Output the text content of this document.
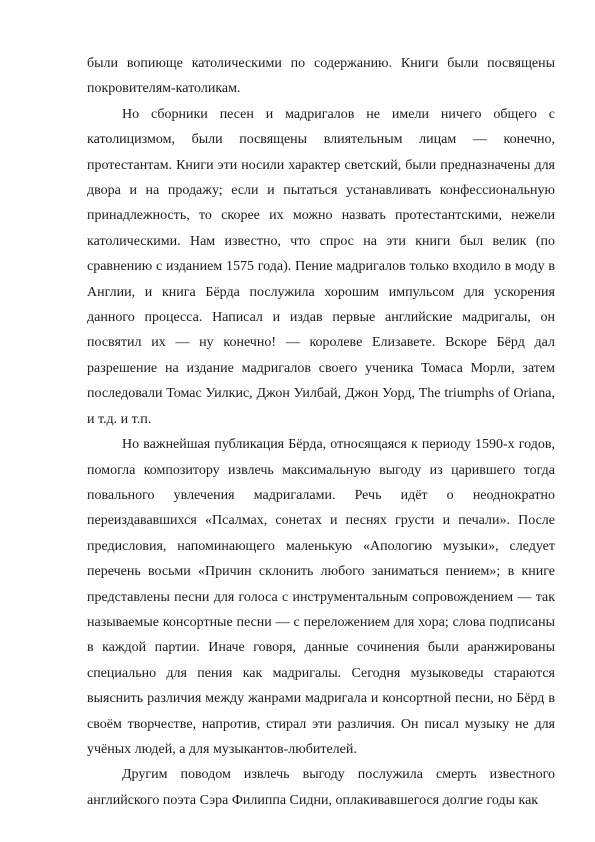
были вопиюще католическими по содержанию. Книги были посвящены покровителям-католикам.

Но сборники песен и мадригалов не имели ничего общего с католицизмом, были посвящены влиятельным лицам — конечно, протестантам. Книги эти носили характер светский, были предназначены для двора и на продажу; если и пытаться устанавливать конфессиональную принадлежность, то скорее их можно назвать протестантскими, нежели католическими. Нам известно, что спрос на эти книги был велик (по сравнению с изданием 1575 года). Пение мадригалов только входило в моду в Англии, и книга Бёрда послужила хорошим импульсом для ускорения данного процесса. Написал и издав первые английские мадригалы, он посвятил их — ну конечно! — королеве Елизавете. Вскоре Бёрд дал разрешение на издание мадригалов своего ученика Томаса Морли, затем последовали Томас Уилкис, Джон Уилбай, Джон Уорд, The triumphs of Oriana, и т.д. и т.п.

Но важнейшая публикация Бёрда, относящаяся к периоду 1590-х годов, помогла композитору извлечь максимальную выгоду из царившего тогда повального увлечения мадригалами. Речь идёт о неоднократно переиздававшихся «Псалмах, сонетах и песнях грусти и печали». После предисловия, напоминающего маленькую «Апологию музыки», следует перечень восьми «Причин склонить любого заниматься пением»; в книге представлены песни для голоса с инструментальным сопровождением — так называемые консортные песни — с переложением для хора; слова подписаны в каждой партии. Иначе говоря, данные сочинения были аранжированы специально для пения как мадригалы. Сегодня музыковеды стараются выяснить различия между жанрами мадригала и консортной песни, но Бёрд в своём творчестве, напротив, стирал эти различия. Он писал музыку не для учёных людей, а для музыкантов-любителей.

Другим поводом извлечь выгоду послужила смерть известного английского поэта Сэра Филиппа Сидни, оплакивавшегося долгие годы как
